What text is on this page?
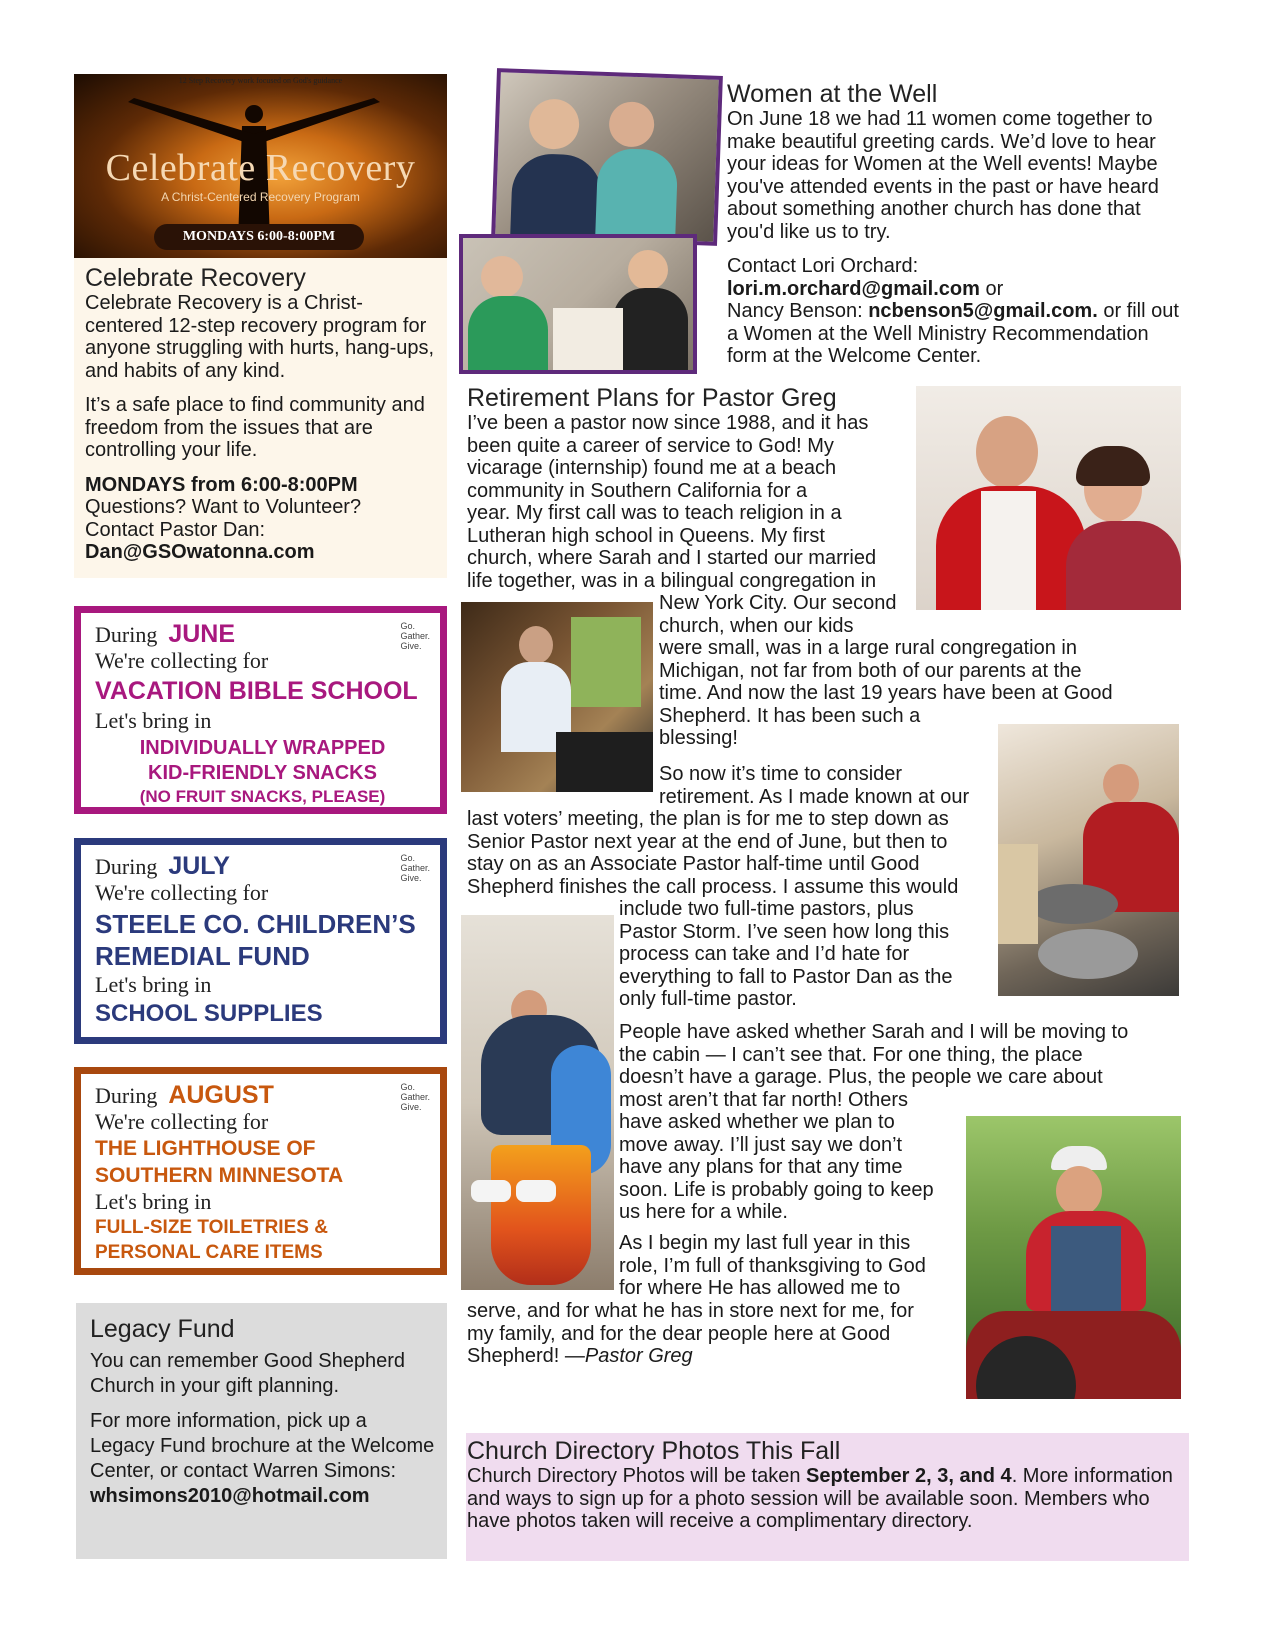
12 Step Recovery work focused on God's guidance
Celebrate Recovery
A Christ-Centered Recovery Program
MONDAYS 6:00-8:00PM
Celebrate Recovery

Celebrate Recovery is a Christ-centered 12-step recovery program for anyone struggling with hurts, hang-ups, and habits of any kind.

It’s a safe place to find community and freedom from the issues that are controlling your life.

MONDAYS from 6:00-8:00PM

Questions? Want to Volunteer?

Contact Pastor Dan:

Dan@GSOwatonna.com

Go.
Gather.
Give.
During JUNE
We're collecting for
VACATION BIBLE SCHOOL
Let's bring in
INDIVIDUALLY WRAPPED
KID-FRIENDLY SNACKS
(NO FRUIT SNACKS, PLEASE)
Go.
Gather.
Give.
During JULY
We're collecting for
STEELE CO. CHILDREN’S
REMEDIAL FUND
Let's bring in
SCHOOL SUPPLIES
Go.
Gather.
Give.
During AUGUST
We're collecting for
THE LIGHTHOUSE OF
SOUTHERN MINNESOTA
Let's bring in
FULL-SIZE TOILETRIES &
PERSONAL CARE ITEMS
Legacy Fund

You can remember Good Shepherd Church in your gift planning.

For more information, pick up a Legacy Fund brochure at the Welcome Center, or contact Warren Simons:

whsimons2010@hotmail.com

Women at the Well

On June 18 we had 11 women come together to make beautiful greeting cards. We’d love to hear your ideas for Women at the Well events! Maybe you've attended events in the past or have heard about something another church has done that you'd like us to try.

Contact Lori Orchard:

lori.m.orchard@gmail.com or

Nancy Benson: ncbenson5@gmail.com. or fill out a Women at the Well Ministry Recommendation form at the Welcome Center.

Retirement Plans for Pastor Greg

I’ve been a pastor now since 1988, and it has

been quite a career of service to God! My

vicarage (internship) found me at a beach

community in Southern California for a

year. My first call was to teach religion in a

Lutheran high school in Queens. My first

church, where Sarah and I started our married

life together, was in a bilingual congregation in

New York City. Our second

church, when our kids

were small, was in a large rural congregation in

Michigan, not far from both of our parents at the

time. And now the last 19 years have been at Good

Shepherd. It has been such a

blessing!

So now it’s time to consider

retirement. As I made known at our

last voters’ meeting, the plan is for me to step down as

Senior Pastor next year at the end of June, but then to

stay on as an Associate Pastor half-time until Good

Shepherd finishes the call process. I assume this would

include two full-time pastors, plus

Pastor Storm. I’ve seen how long this

process can take and I’d hate for

everything to fall to Pastor Dan as the

only full-time pastor.

People have asked whether Sarah and I will be moving to

the cabin — I can’t see that. For one thing, the place

doesn’t have a garage. Plus, the people we care about

most aren’t that far north! Others

have asked whether we plan to

move away. I’ll just say we don’t

have any plans for that any time

soon. Life is probably going to keep

us here for a while.

As I begin my last full year in this

role, I’m full of thanksgiving to God

for where He has allowed me to

serve, and for what he has in store next for me, for

my family, and for the dear people here at Good

Shepherd! —Pastor Greg

Church Directory Photos This Fall

Church Directory Photos will be taken September 2, 3, and 4. More information and ways to sign up for a photo session will be available soon. Members who have photos taken will receive a complimentary directory.
